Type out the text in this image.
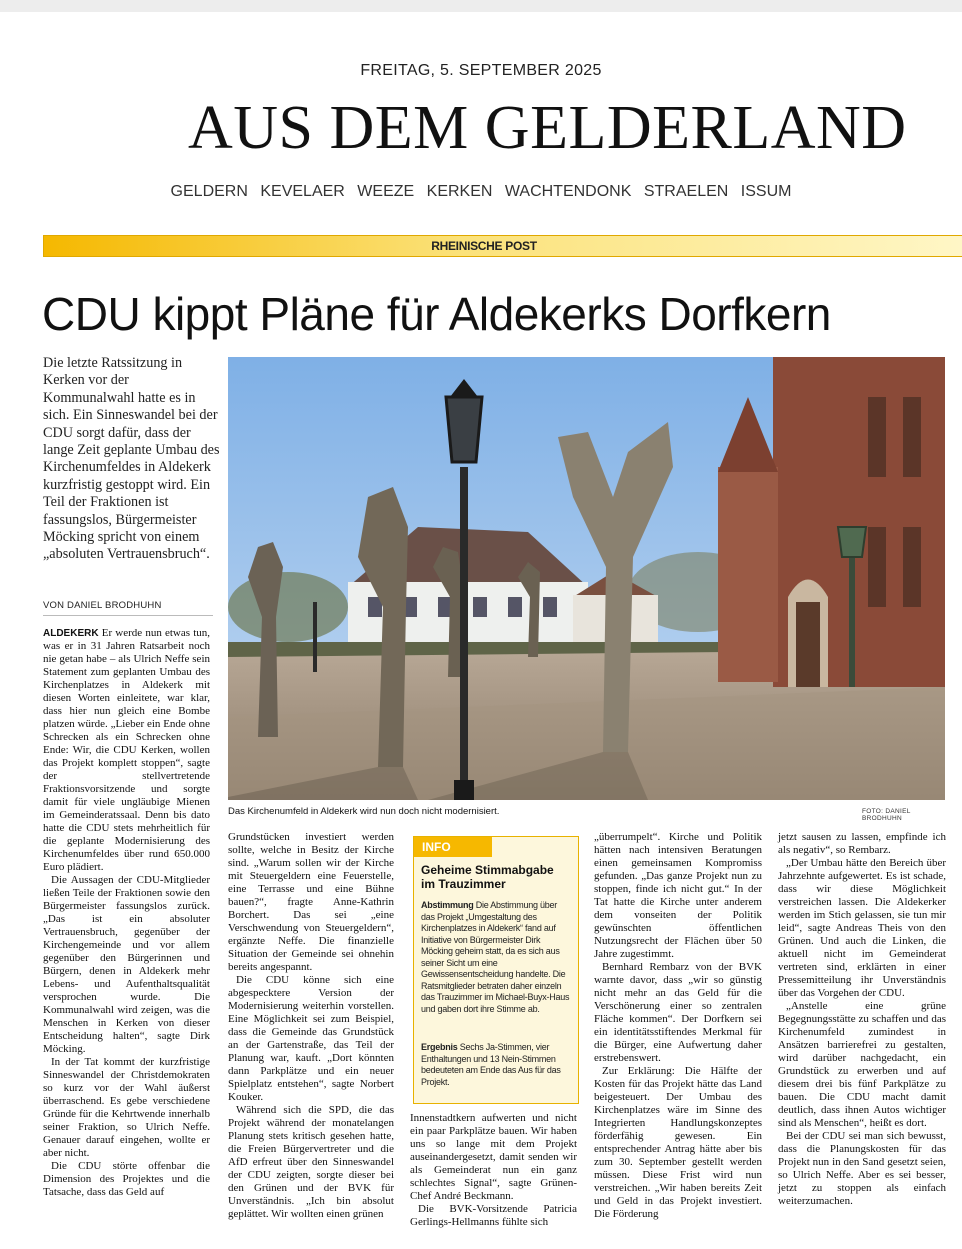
FREITAG, 5. SEPTEMBER 2025
AUS DEM GELDERLAND
GELDERN KEVELAER WEEZE KERKEN WACHTENDONK STRAELEN ISSUM
RHEINISCHE POST
CDU kippt Pläne für Aldekerks Dorfkern
Die letzte Ratssitzung in Kerken vor der Kommunalwahl hatte es in sich. Ein Sinneswandel bei der CDU sorgt dafür, dass der lange Zeit geplante Umbau des Kirchenumfeldes in Aldekerk kurzfristig gestoppt wird. Ein Teil der Fraktionen ist fassungslos, Bürgermeister Möcking spricht von einem „absoluten Vertrauensbruch“.
VON DANIEL BRODHUHN
Das Kirchenumfeld in Aldekerk wird nun doch nicht modernisiert.	FOTO: DANIEL BRODHUHN

ALDEKERK Er werde nun etwas tun, was er in 31 Jahren Ratsarbeit noch nie getan habe – als Ulrich Neffe sein Statement zum geplanten Umbau des Kirchenplatzes in Aldekerk mit diesen Worten einleitete, war klar, dass hier nun gleich eine Bombe platzen würde. „Lieber ein Ende ohne Schrecken als ein Schrecken ohne Ende: Wir, die CDU Kerken, wollen das Projekt komplett stoppen“, sagte der stellvertretende Fraktionsvorsitzende und sorgte damit für viele ungläubige Mienen im Gemeinderatssaal. Denn bis dato hatte die CDU stets mehrheitlich für die geplante Modernisierung des Kirchenumfeldes über rund 650.000 Euro plädiert.

Die Aussagen der CDU-Mitglieder ließen Teile der Fraktionen sowie den Bürgermeister fassungslos zurück. „Das ist ein absoluter Vertrauensbruch, gegenüber der Kirchengemeinde und vor allem gegenüber den Bürgerinnen und Bürgern, denen in Aldekerk mehr Lebens- und Aufenthaltsqualität versprochen wurde. Die Kommunalwahl wird zeigen, was die Menschen in Kerken von dieser Entscheidung halten“, sagte Dirk Möcking.

In der Tat kommt der kurzfristige Sinneswandel der Christdemokraten so kurz vor der Wahl äußerst überraschend. Es gebe verschiedene Gründe für die Kehrtwende innerhalb seiner Fraktion, so Ulrich Neffe. Genauer darauf eingehen, wollte er aber nicht.

Die CDU störte offenbar die Dimension des Projektes und die Tatsache, dass das Geld auf

Grundstücken investiert werden sollte, welche in Besitz der Kirche sind. „Warum sollen wir der Kirche mit Steuergeldern eine Feuerstelle, eine Terrasse und eine Bühne bauen?“, fragte Anne-Kathrin Borchert. Das sei „eine Verschwendung von Steuergeldern“, ergänzte Neffe. Die finanzielle Situation der Gemeinde sei ohnehin bereits angespannt.

Die CDU könne sich eine abgespecktere Version der Modernisierung weiterhin vorstellen. Eine Möglichkeit sei zum Beispiel, dass die Gemeinde das Grundstück an der Gartenstraße, das Teil der Planung war, kauft. „Dort könnten dann Parkplätze und ein neuer Spielplatz entstehen“, sagte Norbert Kouker.

Während sich die SPD, die das Projekt während der monatelangen Planung stets kritisch gesehen hatte, die Freien Bürgervertreter und die AfD erfreut über den Sinneswandel der CDU zeigten, sorgte dieser bei den Grünen und der BVK für Unverständnis. „Ich bin absolut geplättet. Wir wollten einen grünen

INFO
Geheime Stimmabgabe im Trauzimmer
Abstimmung Die Abstimmung über das Projekt „Umgestaltung des Kirchenplatzes in Aldekerk“ fand auf Initiative von Bürgermeister Dirk Möcking geheim statt, da es sich aus seiner Sicht um eine Gewissensentscheidung handelte. Die Ratsmitglieder betraten daher einzeln das Trauzimmer im Michael-Buyx-Haus und gaben dort ihre Stimme ab.
Ergebnis Sechs Ja-Stimmen, vier Enthaltungen und 13 Nein-Stimmen bedeuteten am Ende das Aus für das Projekt.

Innenstadtkern aufwerten und nicht ein paar Parkplätze bauen. Wir haben uns so lange mit dem Projekt auseinandergesetzt, damit senden wir als Gemeinderat nun ein ganz schlechtes Signal“, sagte Grünen-Chef André Beckmann.

Die BVK-Vorsitzende Patricia Gerlings-Hellmanns fühlte sich

„überrumpelt“. Kirche und Politik hätten nach intensiven Beratungen einen gemeinsamen Kompromiss gefunden. „Das ganze Projekt nun zu stoppen, finde ich nicht gut.“ In der Tat hatte die Kirche unter anderem dem vonseiten der Politik gewünschten öffentlichen Nutzungsrecht der Flächen über 50 Jahre zugestimmt.

Bernhard Rembarz von der BVK warnte davor, dass „wir so günstig nicht mehr an das Geld für die Verschönerung einer so zentralen Fläche kommen“. Der Dorfkern sei ein identitätsstiftendes Merkmal für die Bürger, eine Aufwertung daher erstrebenswert.

Zur Erklärung: Die Hälfte der Kosten für das Projekt hätte das Land beigesteuert. Der Umbau des Kirchenplatzes wäre im Sinne des Integrierten Handlungskonzeptes förderfähig gewesen. Ein entsprechender Antrag hätte aber bis zum 30. September gestellt werden müssen. Diese Frist wird nun verstreichen. „Wir haben bereits Zeit und Geld in das Projekt investiert. Die Förderung

jetzt sausen zu lassen, empfinde ich als negativ“, so Rembarz.

„Der Umbau hätte den Bereich über Jahrzehnte aufgewertet. Es ist schade, dass wir diese Möglichkeit verstreichen lassen. Die Aldekerker werden im Stich gelassen, sie tun mir leid“, sagte Andreas Theis von den Grünen. Und auch die Linken, die aktuell nicht im Gemeinderat vertreten sind, erklärten in einer Pressemitteilung ihr Unverständnis über das Vorgehen der CDU.

„Anstelle eine grüne Begegnungsstätte zu schaffen und das Kirchenumfeld zumindest in Ansätzen barrierefrei zu gestalten, wird darüber nachgedacht, ein Grundstück zu erwerben und auf diesem drei bis fünf Parkplätze zu bauen. Die CDU macht damit deutlich, dass ihnen Autos wichtiger sind als Menschen“, heißt es dort.

Bei der CDU sei man sich bewusst, dass die Planungskosten für das Projekt nun in den Sand gesetzt seien, so Ulrich Neffe. Aber es sei besser, jetzt zu stoppen als einfach weiterzumachen.
